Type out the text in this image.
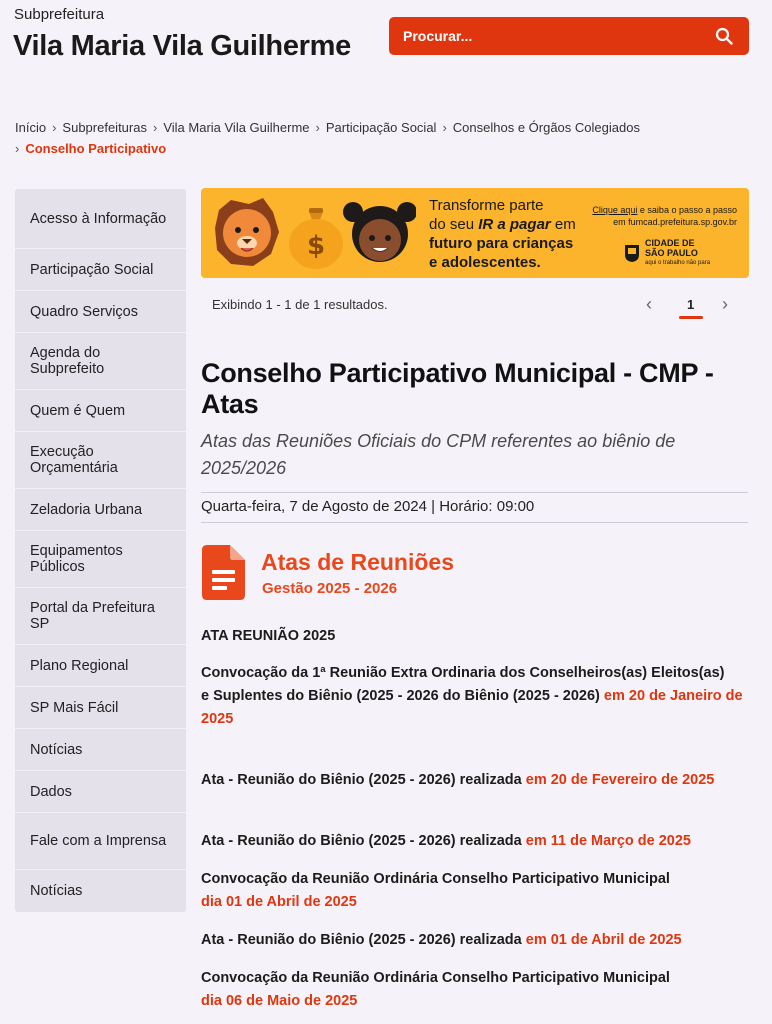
Subprefeitura
Vila Maria Vila Guilherme	Procurar...
Início › Subprefeituras › Vila Maria Vila Guilherme › Participação Social › Conselhos e Órgãos Colegiados
› Conselho Participativo
Acesso à Informação
Participação Social
Quadro Serviços
Agenda do Subprefeito
Quem é Quem
Execução Orçamentária
Zeladoria Urbana
Equipamentos Públicos
Portal da Prefeitura SP
Plano Regional
SP Mais Fácil
Notícias
Dados
Fale com a Imprensa
Notícias
$
Transforme parte
do seu IR a pagar em
futuro para crianças
e adolescentes.
Clique aqui e saiba o passo a passo
em fumcad.prefeitura.sp.gov.br
CIDADE DE
SÃO PAULO
aqui o trabalho não para
Exibindo 1 - 1 de 1 resultados.	‹	1 ›
Conselho Participativo Municipal - CMP - Atas
Atas das Reuniões Oficiais do CPM referentes ao biênio de 2025/2026
Quarta-feira, 7 de Agosto de 2024 | Horário: 09:00
Atas de Reuniões
Gestão 2025 - 2026
ATA REUNIÃO 2025
Convocação da 1ª Reunião Extra Ordinaria dos Conselheiros(as) Eleitos(as)
e Suplentes do Biênio (2025 - 2026 do Biênio (2025 - 2026) em 20 de Janeiro de 2025
Ata - Reunião do Biênio (2025 - 2026) realizada em 20 de Fevereiro de 2025
Ata - Reunião do Biênio (2025 - 2026) realizada em 11 de Março de 2025
Convocação da Reunião Ordinária Conselho Participativo Municipal
dia 01 de Abril de 2025
Ata - Reunião do Biênio (2025 - 2026) realizada em 01 de Abril de 2025
Convocação da Reunião Ordinária Conselho Participativo Municipal
dia 06 de Maio de 2025
